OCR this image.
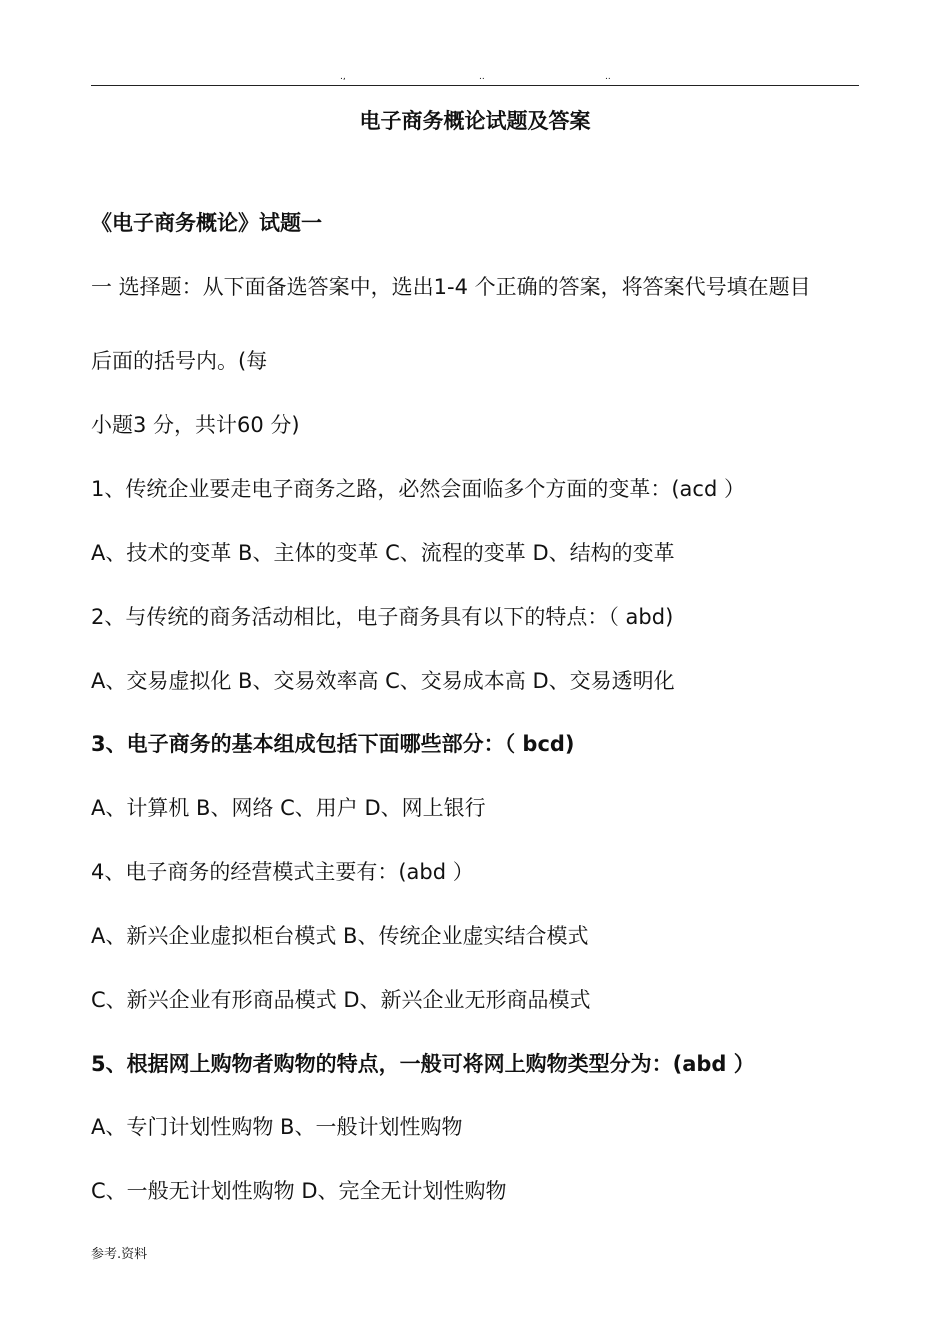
.,	..	..
电子商务概论试题及答案
《电子商务概论》试题一
一 选择题：从下面备选答案中，选出1-4 个正确的答案，将答案代号填在题目
后面的括号内。(每
小题3 分，共计60 分)
1、传统企业要走电子商务之路，必然会面临多个方面的变革：(acd ）
A、技术的变革 B、主体的变革 C、流程的变革 D、结构的变革
2、与传统的商务活动相比，电子商务具有以下的特点：（ abd)
A、交易虚拟化 B、交易效率高 C、交易成本高 D、交易透明化
3、电子商务的基本组成包括下面哪些部分：（ bcd)
A、计算机 B、网络 C、用户 D、网上银行
4、电子商务的经营模式主要有：(abd ）
A、新兴企业虚拟柜台模式 B、传统企业虚实结合模式
C、新兴企业有形商品模式 D、新兴企业无形商品模式
5、根据网上购物者购物的特点，一般可将网上购物类型分为：(abd ）
A、专门计划性购物 B、一般计划性购物
C、一般无计划性购物 D、完全无计划性购物
参考.资料
